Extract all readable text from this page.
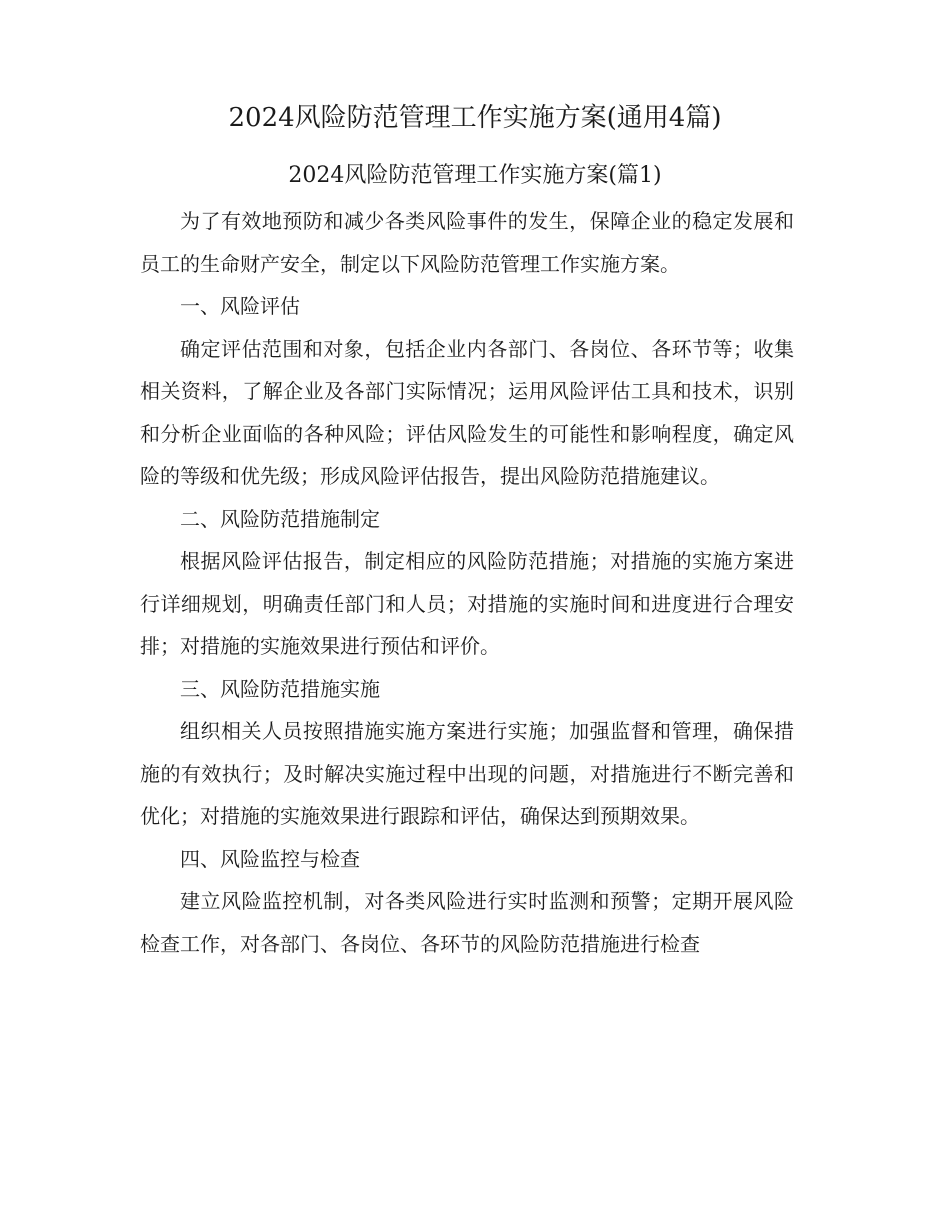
2024风险防范管理工作实施方案(通用4篇)
2024风险防范管理工作实施方案(篇1)

为了有效地预防和减少各类风险事件的发生，保障企业的稳定发展和员工的生命财产安全，制定以下风险防范管理工作实施方案。

一、风险评估

确定评估范围和对象，包括企业内各部门、各岗位、各环节等；收集相关资料，了解企业及各部门实际情况；运用风险评估工具和技术，识别和分析企业面临的各种风险；评估风险发生的可能性和影响程度，确定风险的等级和优先级；形成风险评估报告，提出风险防范措施建议。

二、风险防范措施制定

根据风险评估报告，制定相应的风险防范措施；对措施的实施方案进行详细规划，明确责任部门和人员；对措施的实施时间和进度进行合理安排；对措施的实施效果进行预估和评价。

三、风险防范措施实施

组织相关人员按照措施实施方案进行实施；加强监督和管理，确保措施的有效执行；及时解决实施过程中出现的问题，对措施进行不断完善和优化；对措施的实施效果进行跟踪和评估，确保达到预期效果。

四、风险监控与检查

建立风险监控机制，对各类风险进行实时监测和预警；定期开展风险检查工作，对各部门、各岗位、各环节的风险防范措施进行检查
